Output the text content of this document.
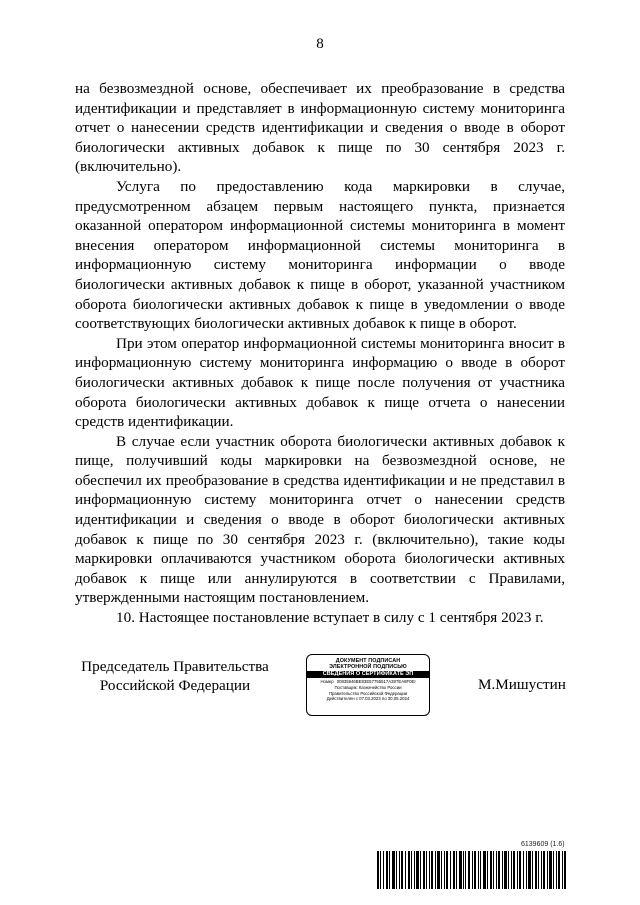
8

на безвозмездной основе, обеспечивает их преобразование в средства идентификации и представляет в информационную систему мониторинга отчет о нанесении средств идентификации и сведения о вводе в оборот биологически активных добавок к пище по 30 сентября 2023 г. (включительно).

Услуга по предоставлению кода маркировки в случае, предусмотренном абзацем первым настоящего пункта, признается оказанной оператором информационной системы мониторинга в момент внесения оператором информационной системы мониторинга в информационную систему мониторинга информации о вводе биологически активных добавок к пище в оборот, указанной участником оборота биологически активных добавок к пище в уведомлении о вводе соответствующих биологически активных добавок к пище в оборот.

При этом оператор информационной системы мониторинга вносит в информационную систему мониторинга информацию о вводе в оборот биологически активных добавок к пище после получения от участника оборота биологически активных добавок к пище отчета о нанесении средств идентификации.

В случае если участник оборота биологически активных добавок к пище, получивший коды маркировки на безвозмездной основе, не обеспечил их преобразование в средства идентификации и не представил в информационную систему мониторинга отчет о нанесении средств идентификации и сведения о вводе в оборот биологически активных добавок к пище по 30 сентября 2023 г. (включительно), такие коды маркировки оплачиваются участником оборота биологически активных добавок к пище или аннулируются в соответствии с Правилами, утвержденными настоящим постановлением.

10. Настоящее постановление вступает в силу с 1 сентября 2023 г.

Председатель Правительства
Российской Федерации
ДОКУМЕНТ ПОДПИСАН
ЭЛЕКТРОННОЙ ПОДПИСЬЮ
СВЕДЕНИЯ О СЕРТИФИКАТЕ ЭП
Номер 00835946BE83E57755517A387EA8F0EI
Поставщик: Казначейство России
Правительство Российской Федерации
Действителен с 07.03.2023 по 30.05.2024
М.Мишустин
6139609 (1.6)
